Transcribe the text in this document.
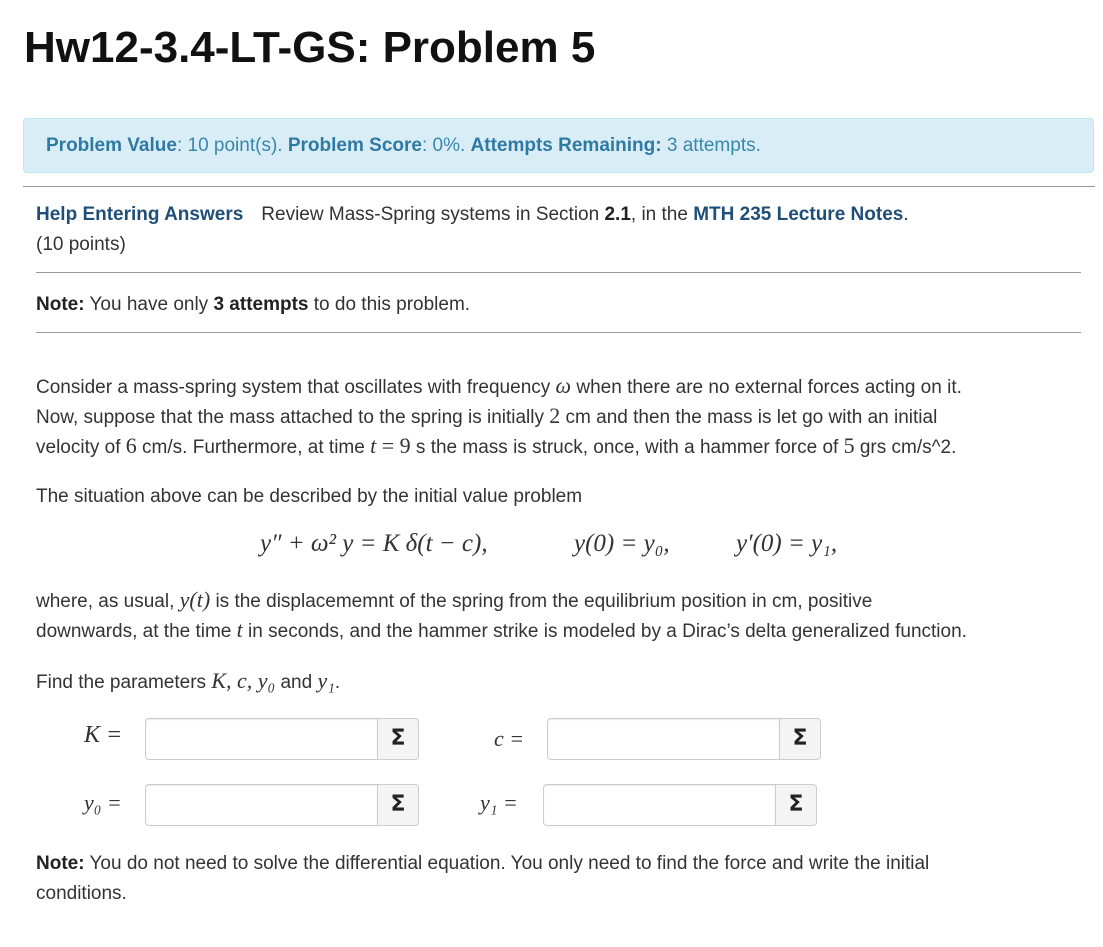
Hw12-3.4-LT-GS: Problem 5
Problem Value: 10 point(s). Problem Score: 0%. Attempts Remaining: 3 attempts.
Help Entering Answers Review Mass-Spring systems in Section 2.1, in the MTH 235 Lecture Notes.
(10 points)
Note: You have only 3 attempts to do this problem.
Consider a mass-spring system that oscillates with frequency ω when there are no external forces acting on it.
Now, suppose that the mass attached to the spring is initially 2 cm and then the mass is let go with an initial
velocity of 6 cm/s. Furthermore, at time t = 9 s the mass is struck, once, with a hammer force of 5 grs cm/s^2.
The situation above can be described by the initial value problem
y″ + ω² y = K δ(t − c),	y(0) = y₀,	y′(0) = y₁,
where, as usual, y(t) is the displacememnt of the spring from the equilibrium position in cm, positive
downwards, at the time t in seconds, and the hammer strike is modeled by a Dirac’s delta generalized function.
Find the parameters K, c, y₀ and y₁.
K =	Σ	c =	Σ
y₀ =	Σ	y₁ =	Σ
Note: You do not need to solve the differential equation. You only need to find the force and write the initial
conditions.
